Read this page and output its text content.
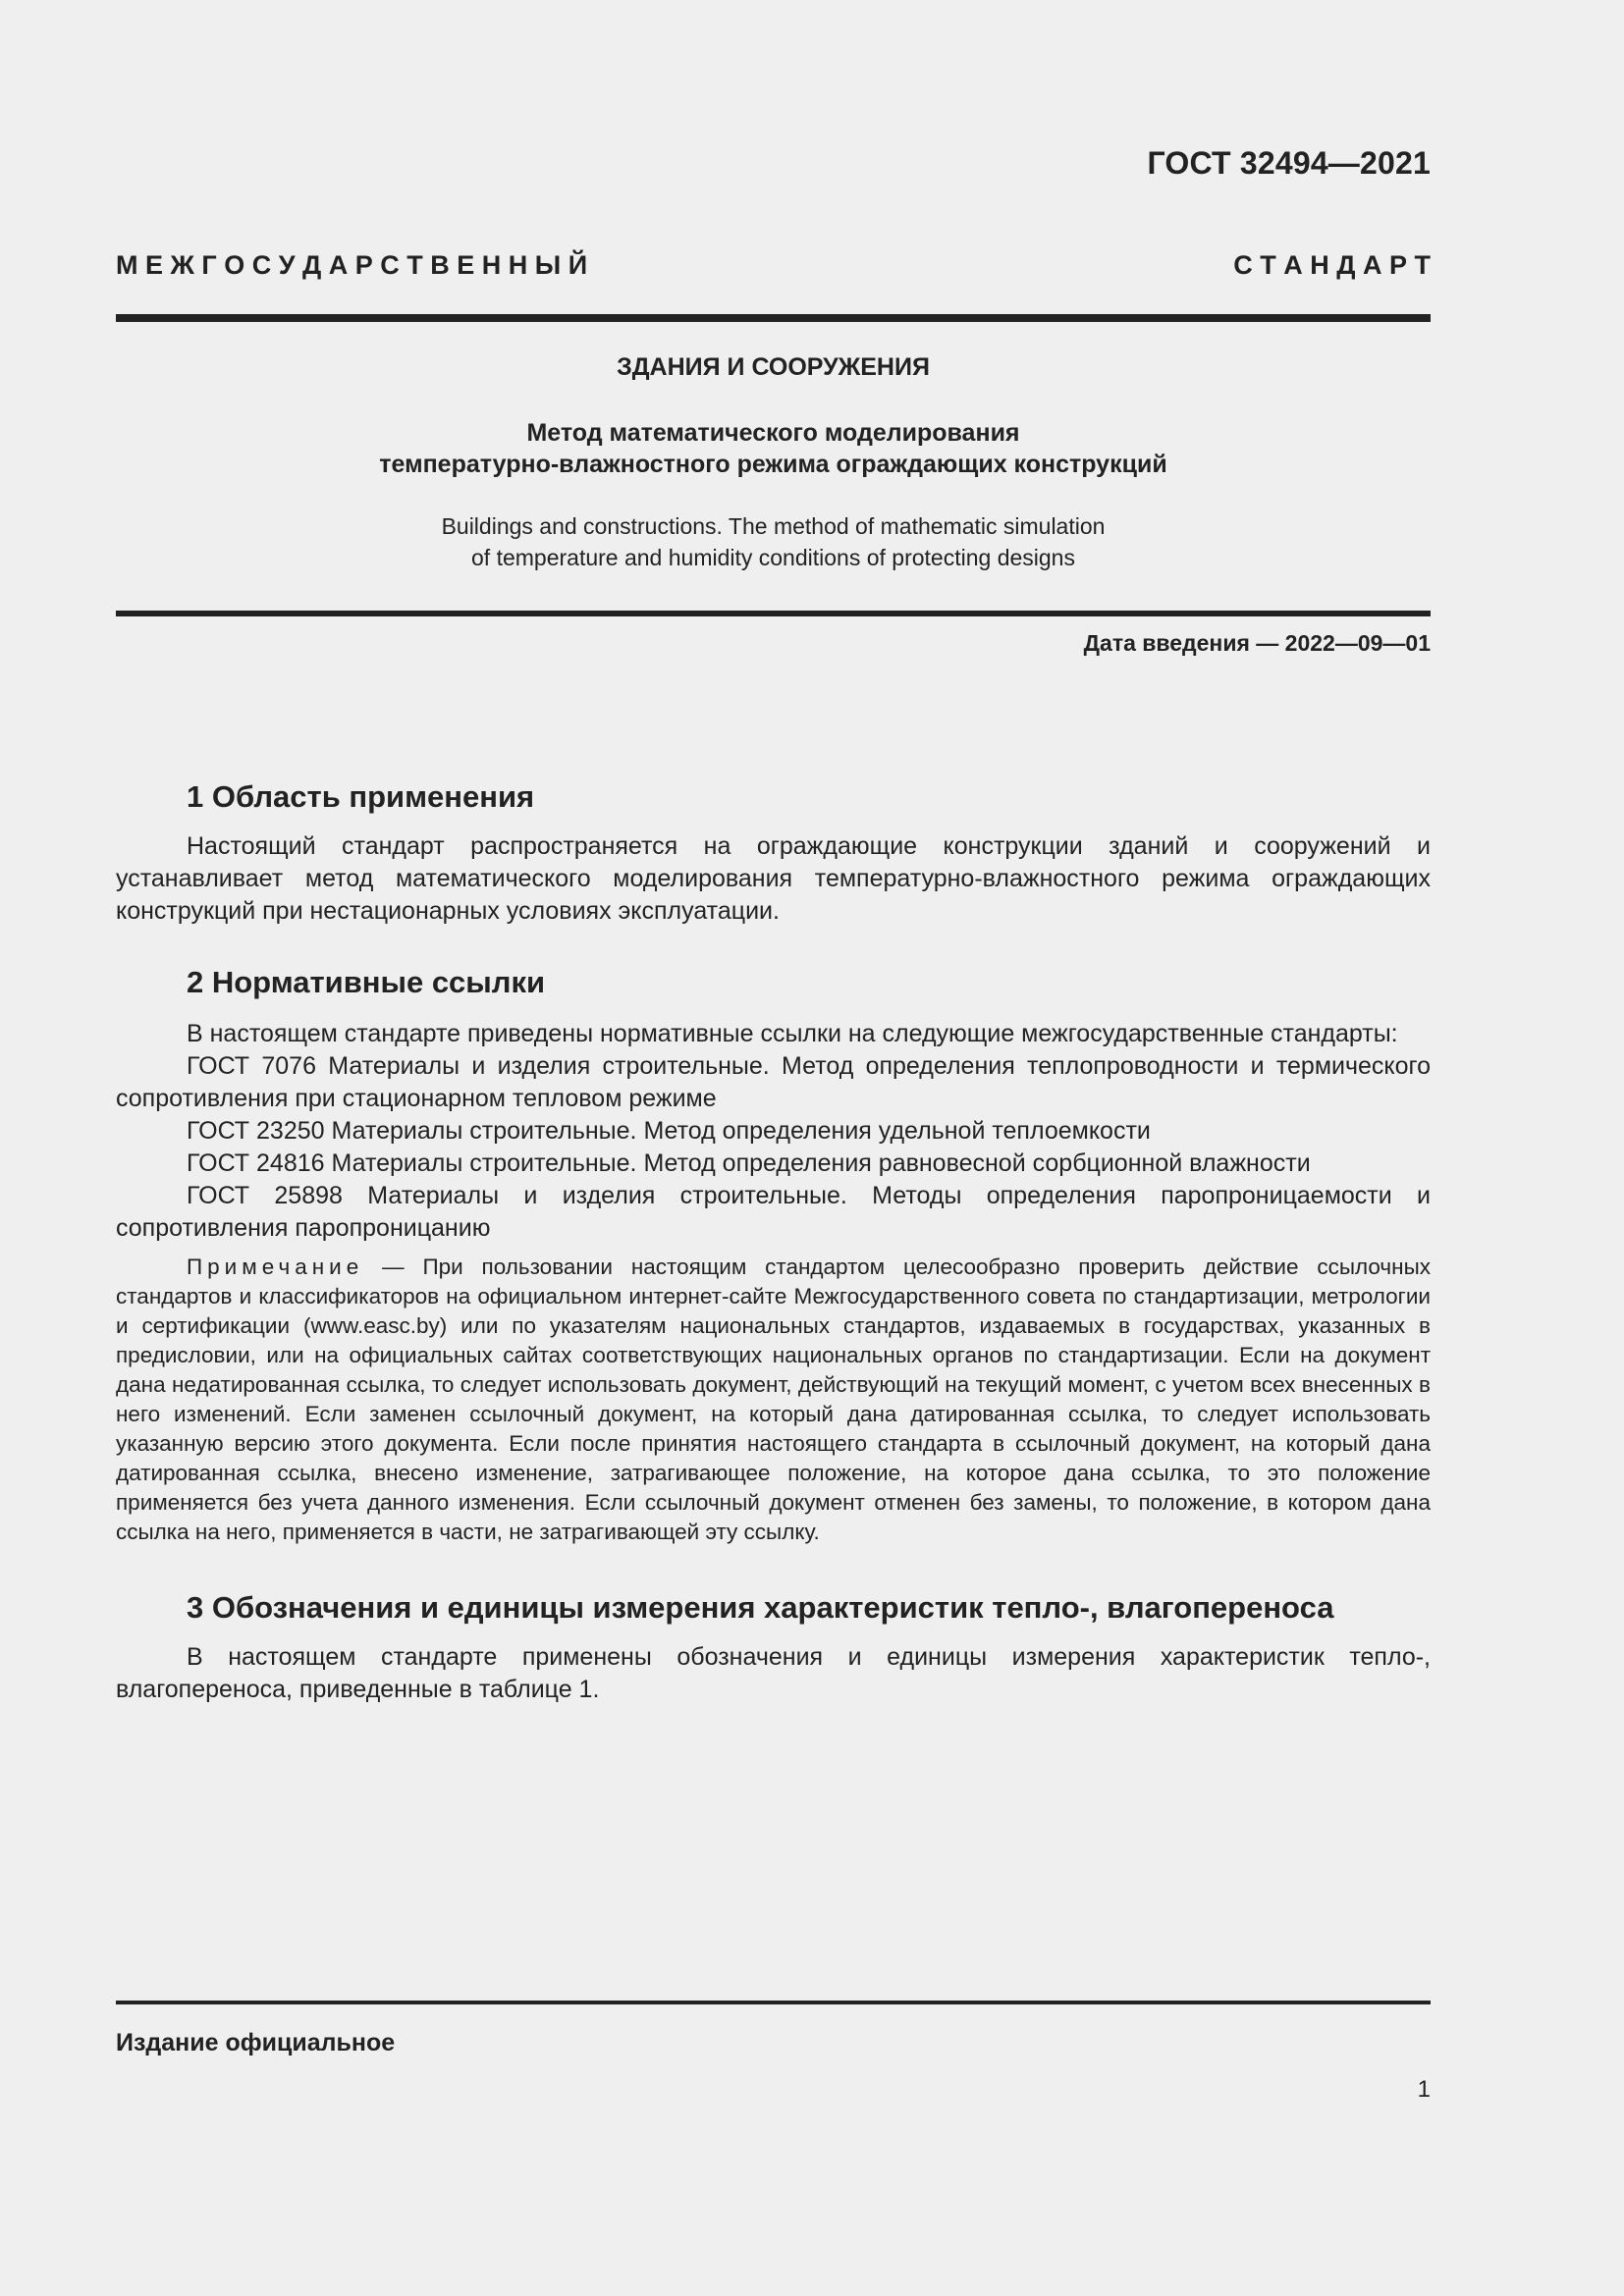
ГОСТ 32494—2021
М Е Ж Г О С У Д А Р С Т В Е Н Н Ы Й	С Т А Н Д А Р Т
ЗДАНИЯ И СООРУЖЕНИЯ
Метод математического моделирования
температурно-влажностного режима ограждающих конструкций
Buildings and constructions. The method of mathematic simulation
of temperature and humidity conditions of protecting designs
Дата введения — 2022—09—01
1 Область применения

Настоящий стандарт распространяется на ограждающие конструкции зданий и сооружений и устанавливает метод математического моделирования температурно-влажностного режима ограждающих конструкций при нестационарных условиях эксплуатации.

2 Нормативные ссылки

В настоящем стандарте приведены нормативные ссылки на следующие межгосударственные стандарты:

ГОСТ 7076 Материалы и изделия строительные. Метод определения теплопроводности и термического сопротивления при стационарном тепловом режиме

ГОСТ 23250 Материалы строительные. Метод определения удельной теплоемкости

ГОСТ 24816 Материалы строительные. Метод определения равновесной сорбционной влажности

ГОСТ 25898 Материалы и изделия строительные. Методы определения паропроницаемости и сопротивления паропроницанию

Примечание — При пользовании настоящим стандартом целесообразно проверить действие ссылочных стандартов и классификаторов на официальном интернет-сайте Межгосударственного совета по стандартизации, метрологии и сертификации (www.easc.by) или по указателям национальных стандартов, издаваемых в государствах, указанных в предисловии, или на официальных сайтах соответствующих национальных органов по стандартизации. Если на документ дана недатированная ссылка, то следует использовать документ, действующий на текущий момент, с учетом всех внесенных в него изменений. Если заменен ссылочный документ, на который дана датированная ссылка, то следует использовать указанную версию этого документа. Если после принятия настоящего стандарта в ссылочный документ, на который дана датированная ссылка, внесено изменение, затрагивающее положение, на которое дана ссылка, то это положение применяется без учета данного изменения. Если ссылочный документ отменен без замены, то положение, в котором дана ссылка на него, применяется в части, не затрагивающей эту ссылку.

3 Обозначения и единицы измерения характеристик тепло-, влагопереноса

В настоящем стандарте применены обозначения и единицы измерения характеристик тепло-, влагопереноса, приведенные в таблице 1.

Издание официальное
1
